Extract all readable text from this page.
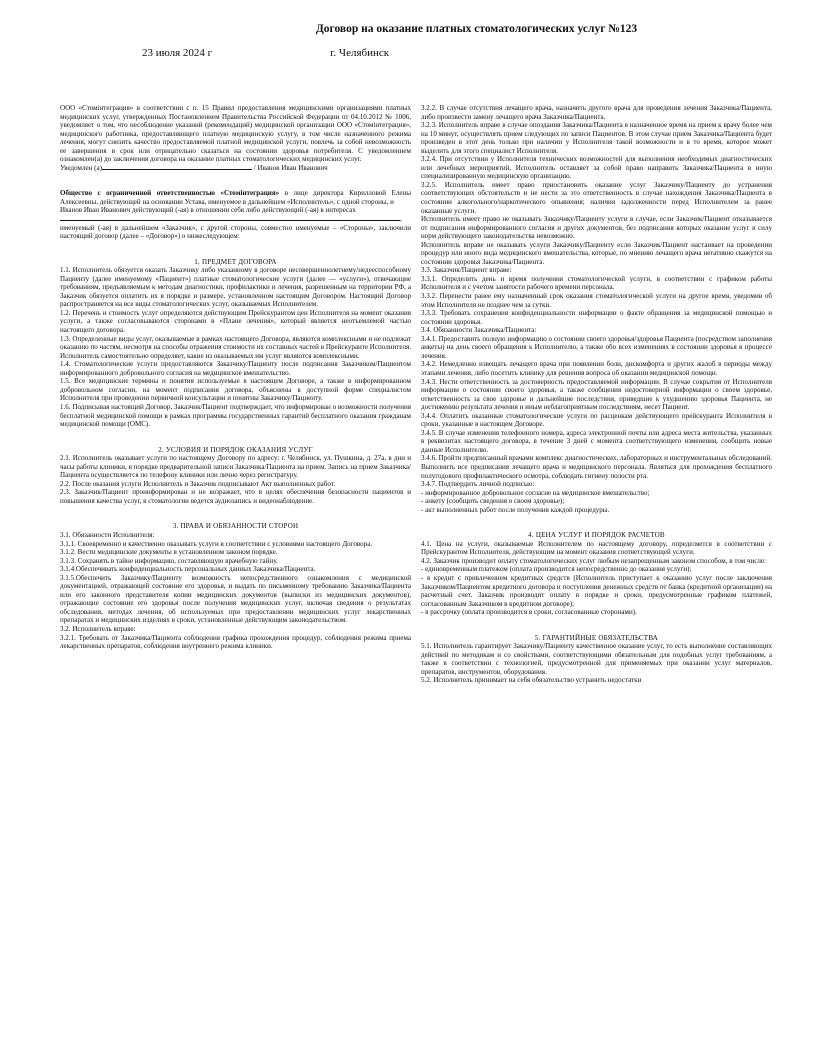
Договор на оказание платных стоматологических услуг №123
23 июля 2024 г	г. Челябинск

ООО «Стомінтеграция» в соответствии с п. 15 Правил предоставления медицинскими организациями платных медицинских услуг, утвержденных Постановлением Правительства Российской Федерации от 04.10.2012 № 1006, уведомляет о том, что несоблюдение указаний (рекомендаций) медицинской организации ООО «Стомінтеграция», медицинского работника, предоставляющего платную медицинскую услугу, в том числе назначенного режима лечения, могут снизить качество предоставляемой платной медицинской услуги, повлечь за собой невозможность ее завершения в срок или отрицательно сказаться на состоянии здоровья потребителя. С уведомлением ознакомлен(а) до заключения договора на оказание платных стоматологических медицинских услуг.

Уведомлен (а)	/ Иванов Иван Иванович

Общество с ограниченной ответственностью «Стомінтеграция» в лице директора Кирилловой Елены Алексеевны, действующей на основании Устава, именуемое в дальнейшем «Исполнитель», с одной стороны, и

Иванов Иван Иванович действующий (-ая) в отношении себя либо действующий (-ая) в интересах

,

именуемый (-ая) в дальнейшем «Заказчик», с другой стороны, совместно именуемые – «Стороны», заключили настоящий договор (далее – «Договор») о нижеследующем:

1. ПРЕДМЕТ ДОГОВОРА

1.1. Исполнитель обязуется оказать Заказчику либо указанному в договоре несовершеннолетнему/недееспособному Пациенту (далее именуемому «Пациент») платные стоматологические услуги (далее — «услуги»), отвечающие требованиям, предъявляемым к методам диагностики, профилактики и лечения, разрешенным на территории РФ, а Заказчик обязуется оплатить их в порядке и размере, установленном настоящим Договором. Настоящий Договор распространяется на все виды стоматологических услуг, оказываемых Исполнителем.

1.2. Перечень и стоимость услуг определяются действующим Прейскурантом цен Исполнителя на момент оказания услуги, а также согласовываются сторонами в «Плане лечения», который является неотъемлемой частью настоящего договора.

1.3. Определенные виды услуг, оказываемые в рамках настоящего Договора, являются комплексными и не подлежат оказанию по частям, несмотря на способы отражения стоимости их составных частей в Прейскуранте Исполнителя. Исполнитель самостоятельно определяет, какие из оказываемых им услуг являются комплексными.

1.4. Стоматологические услуги предоставляются Заказчику/Пациенту после подписания Заказчиком/Пациентом информированного добровольного согласия на медицинское вмешательство.

1.5. Все медицинские термины и понятия используемые в настоящем Договоре, а также в информированном добровольном согласии, на момент подписания договора, объяснены в доступной форме специалистом Исполнителя при проведении первичной консультации и понятны Заказчику/Пациенту.

1.6. Подписывая настоящий Договор, Заказчик/Пациент подтверждает, что информирован о возможности получения бесплатной медицинской помощи в рамках программы государственных гарантий бесплатного оказания гражданам медицинской помощи (ОМС).

2. УСЛОВИЯ И ПОРЯДОК ОКАЗАНИЯ УСЛУГ

2.1. Исполнитель оказывает услуги по настоящему Договору по адресу: г. Челябинск, ул. Пушкина, д. 27а, в дни и часы работы клиники, в порядке предварительной записи Заказчика/Пациента на прием. Запись на прием Заказчика/Пациента осуществляется по телефону клиники или лично через регистратуру.

2.2. После оказания услуги Исполнитель и Заказчик подписывают Акт выполненных работ.

2.3. Заказчик/Пациент проинформирован и не возражает, что в целях обеспечения безопасности пациентов и повышения качества услуг, в стоматологии ведется аудиозапись и видеонаблюдение.

3. ПРАВА И ОБЯЗАННОСТИ СТОРОН

3.1. Обязанности Исполнителя:

3.1.1. Своевременно и качественно оказывать услуги в соответствии с условиями настоящего Договора.

3.1.2. Вести медицинские документы в установленном законом порядке.

3.1.3. Сохранять в тайне информацию, составляющую врачебную тайну.

3.1.4.Обеспечивать конфиденциальность персональных данных Заказчика/Пациента.

3.1.5.Обеспечить Заказчику/Пациенту возможность непосредственного ознакомления с медицинской документацией, отражающей состояние его здоровья, и выдать по письменному требованию Заказчика/Пациента или его законного представителя копии медицинских документов (выписки из медицинских документов), отражающие состояние его здоровья после получения медицинских услуг, включая сведения о результатах обследования, методах лечения, об используемых при предоставлении медицинских услуг лекарственных препаратах и медицинских изделиях в сроки, установленные действующим законодательством.

3.2. Исполнитель вправе:

3.2.1. Требовать от Заказчика/Пациента соблюдения графика прохождения процедур, соблюдения режима приема лекарственных препаратов, соблюдения внутреннего режима клиники.

3.2.2. В случае отсутствия лечащего врача, назначить другого врача для проведения лечения Заказчика/Пациента, либо произвести замену лечащего врача Заказчика/Пациента.

3.2.3. Исполнитель вправе в случае опоздания Заказчика/Пациента в назначенное время на прием к врачу более чем на 10 минут, осуществлять прием следующих по записи Пациентов. В этом случае прием Заказчика/Пациента будет произведен в этот день только при наличии у Исполнителя такой возможности и в то время, которое может выделить для этого специалист Исполнителя.

3.2.4. При отсутствии у Исполнителя технических возможностей для выполнения необходимых диагностических или лечебных мероприятий, Исполнитель оставляет за собой право направить Заказчика/Пациента в иную специализированную медицинскую организацию.

3.2.5. Исполнитель имеет право приостановить оказание услуг Заказчику/Пациенту до устранения соответствующих обстоятельств и не нести за это ответственность в случае нахождения Заказчика/Пациента в состоянии алкогольного/наркотического опьянения; наличия задолженности перед Исполнителем за ранее оказанные услуги.

Исполнитель имеет право не оказывать Заказчику/Пациенту услуги в случае, если Заказчик/Пациент отказывается от подписания информированного согласия и других документов, без подписания которых оказание услуг в силу норм действующего законодательства невозможно.

Исполнитель вправе не оказывать услуги Заказчику/Пациенту если Заказчик/Пациент настаивает на проведении процедур или иного вида медицинского вмешательства, которые, по мнению лечащего врача негативно скажутся на состоянии здоровья Заказчика/Пациента.

3.3. Заказчик/Пациент вправе:

3.3.1. Определить день и время получения стоматологической услуги, в соответствии с графиком работы Исполнителя и с учетом занятости рабочего времени персонала.

3.3.2. Перенести ранее ему назначенный срок оказания стоматологической услуги на другое время, уведомив об этом Исполнителя не позднее чем за сутки.

3.3.3. Требовать сохранения конфиденциальности информации о факте обращения за медицинской помощью и состоянии здоровья.

3.4. Обязанности Заказчика/Пациента:

3.4.1. Предоставить полную информацию о состоянии своего здоровья/здоровья Пациента (посредством заполнения анкеты) на день своего обращения к Исполнителю, а также обо всех изменениях в состоянии здоровья в процессе лечения.

3.4.2. Немедленно извещать лечащего врача при появлении боли, дискомфорта и других жалоб в периоды между этапами лечения, либо посетить клинику для решения вопроса об оказании медицинской помощи.

3.4.3. Нести ответственность за достоверность предоставляемой информации. В случае сокрытия от Исполнителя информации о состоянии своего здоровья, а также сообщения недостоверной информации о своем здоровье, ответственность за свое здоровье и дальнейшие последствия, приведшие к ухудшению здоровья Пациента, не достижению результата лечения и иным неблагоприятным последствиям, несет Пациент.

3.4.4. Оплатить оказанные стоматологические услуги по расценкам действующего прейскуранта Исполнителя в сроки, указанные в настоящем Договоре.

3.4.5. В случае изменения телефонного номера, адреса электронной почты или адреса места жительства, указанных в реквизитах настоящего договора, в течение 3 дней с момента соответствующего изменения, сообщить новые данные Исполнителю.

3.4.6. Пройти предписанный врачами комплекс диагностических, лабораторных и инструментальных обследований. Выполнить все предписания лечащего врача и медицинского персонала. Являться для прохождения бесплатного полугодового профилактического осмотра, соблюдать гигиену полости рта.

3.4.7. Подтвердить личной подписью:

- информированное добровольное согласие на медицинское вмешательство;

- анкету (сообщить сведения о своем здоровье);

- акт выполненных работ после получения каждой процедуры.

4. ЦЕНА УСЛУГ И ПОРЯДОК РАСЧЕТОВ

4.1. Цена на услуги, оказываемые Исполнителем по настоящему договору, определяется в соответствии с Прейскурантом Исполнителя, действующим на момент оказания соответствующей услуги.

4.2. Заказчик производит оплату стоматологических услуг любым незапрещенным законом способом, в том числе:

- единовременным платежом (оплата производится непосредственно до оказания услуги);

- в кредит с привлечением кредитных средств (Исполнитель приступает к оказанию услуг после заключения Заказчиком/Пациентом кредитного договора и поступления денежных средств от банка (кредитной организации) на расчетный счет. Заказчик производит оплату в порядке и сроки, предусмотренные графиком платежей, согласованным Заказчиком в кредитном договоре);

- в рассрочку (оплата производится в сроки, согласованные сторонами).

5. ГАРАНТИЙНЫЕ ОБЯЗАТЕЛЬСТВА

5.1. Исполнитель гарантирует Заказчику/Пациенту качественное оказание услуг, то есть выполнение составляющих действий по методикам и со свойствами, соответствующими обязательным для подобных услуг требованиям, а также в соответствии с технологией, предусмотренной для применяемых при оказании услуг материалов, препаратов, инструментов, оборудования.

5.2. Исполнитель принимает на себя обязательство устранить недостатки
